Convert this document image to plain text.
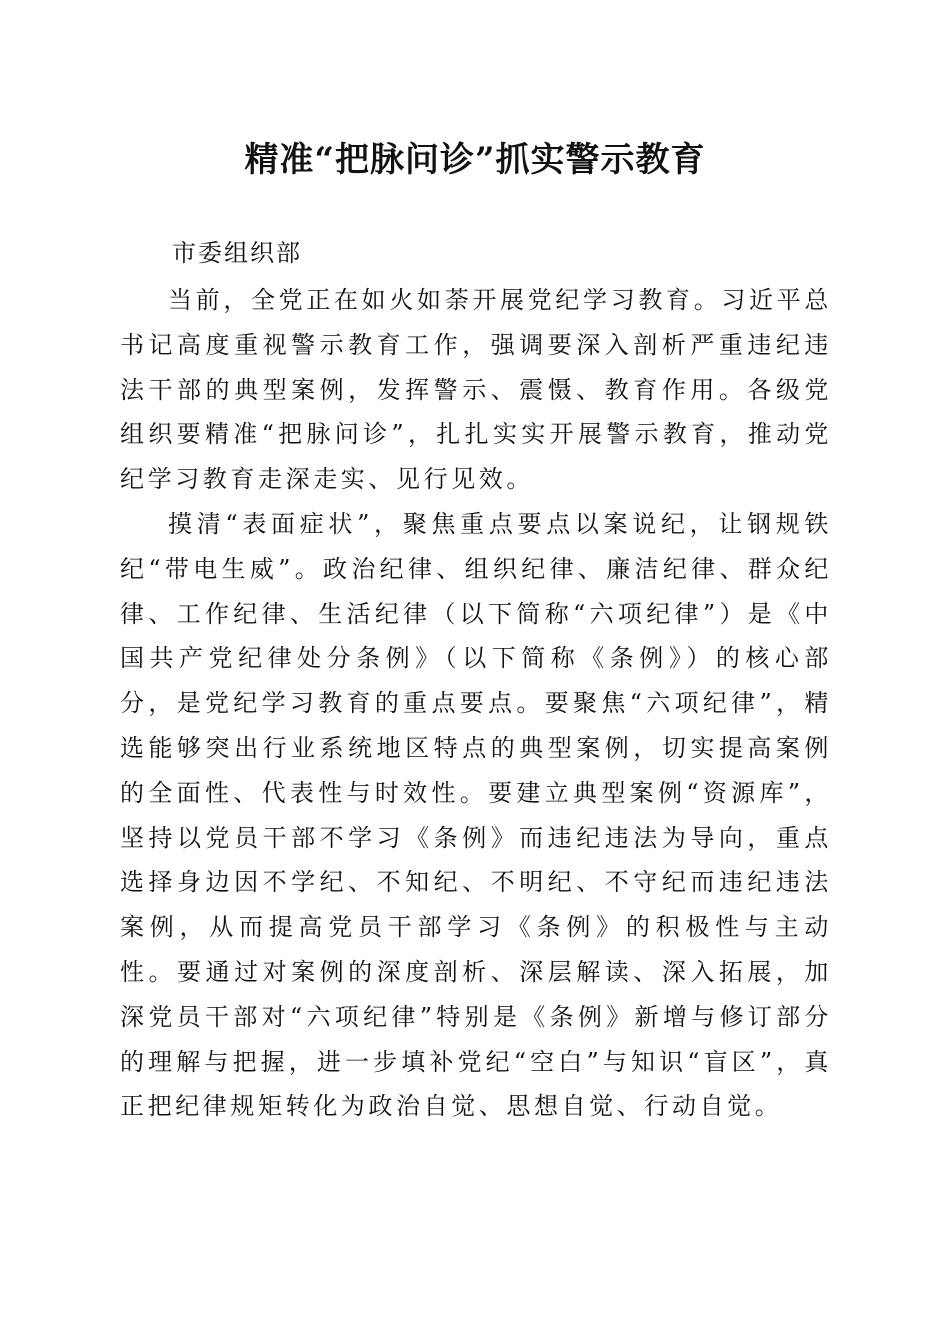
精准“把脉问诊”抓实警示教育

市委组织部

当前，全党正在如火如荼开展党纪学习教育。习近平总书记高度重视警示教育工作，强调要深入剖析严重违纪违法干部的典型案例，发挥警示、震慑、教育作用。各级党组织要精准“把脉问诊”，扎扎实实开展警示教育，推动党纪学习教育走深走实、见行见效。

摸清“表面症状”，聚焦重点要点以案说纪，让钢规铁纪“带电生威”。政治纪律、组织纪律、廉洁纪律、群众纪律、工作纪律、生活纪律（以下简称“六项纪律”）是《中国共产党纪律处分条例》（以下简称《条例》）的核心部分，是党纪学习教育的重点要点。要聚焦“六项纪律”，精选能够突出行业系统地区特点的典型案例，切实提高案例的全面性、代表性与时效性。要建立典型案例“资源库”，坚持以党员干部不学习《条例》而违纪违法为导向，重点选择身边因不学纪、不知纪、不明纪、不守纪而违纪违法案例，从而提高党员干部学习《条例》的积极性与主动性。要通过对案例的深度剖析、深层解读、深入拓展，加深党员干部对“六项纪律”特别是《条例》新增与修订部分的理解与把握，进一步填补党纪“空白”与知识“盲区”，真正把纪律规矩转化为政治自觉、思想自觉、行动自觉。
